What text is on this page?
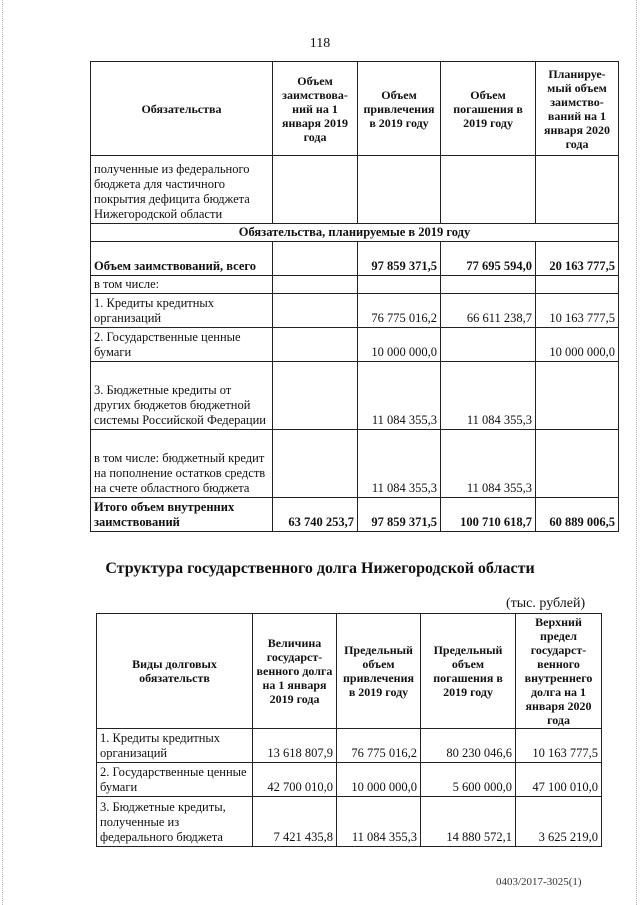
118
Обязательства	Объем заимствова-ний на 1 января 2019 года	Объем привлечения в 2019 году	Объем погашения в 2019 году	Планируе-мый объем заимство-ваний на 1 января 2020 года
полученные из федерального бюджета для частичного покрытия дефицита бюджета Нижегородской области				
Обязательства, планируемые в 2019 году				
Объем заимствований, всего		97 859 371,5	77 695 594,0	20 163 777,5
в том числе:				
1. Кредиты кредитных организаций		76 775 016,2	66 611 238,7	10 163 777,5
2. Государственные ценные бумаги		10 000 000,0		10 000 000,0
3. Бюджетные кредиты от других бюджетов бюджетной системы Российской Федерации		11 084 355,3	11 084 355,3	
в том числе: бюджетный кредит на пополнение остатков средств на счете областного бюджета		11 084 355,3	11 084 355,3	
Итого объем внутренних заимствований	63 740 253,7	97 859 371,5	100 710 618,7	60 889 006,5
Структура государственного долга Нижегородской области
(тыс. рублей)
Виды долговых обязательств	Величина государст-венного долга на 1 января 2019 года	Предельный объем привлечения в 2019 году	Предельный объем погашения в 2019 году	Верхний предел государст-венного внутреннего долга на 1 января 2020 года
1. Кредиты кредитных организаций	13 618 807,9	76 775 016,2	80 230 046,6	10 163 777,5
2. Государственные ценные бумаги	42 700 010,0	10 000 000,0	5 600 000,0	47 100 010,0
3. Бюджетные кредиты, полученные из федерального бюджета	7 421 435,8	11 084 355,3	14 880 572,1	3 625 219,0
0403/2017-3025(1)
